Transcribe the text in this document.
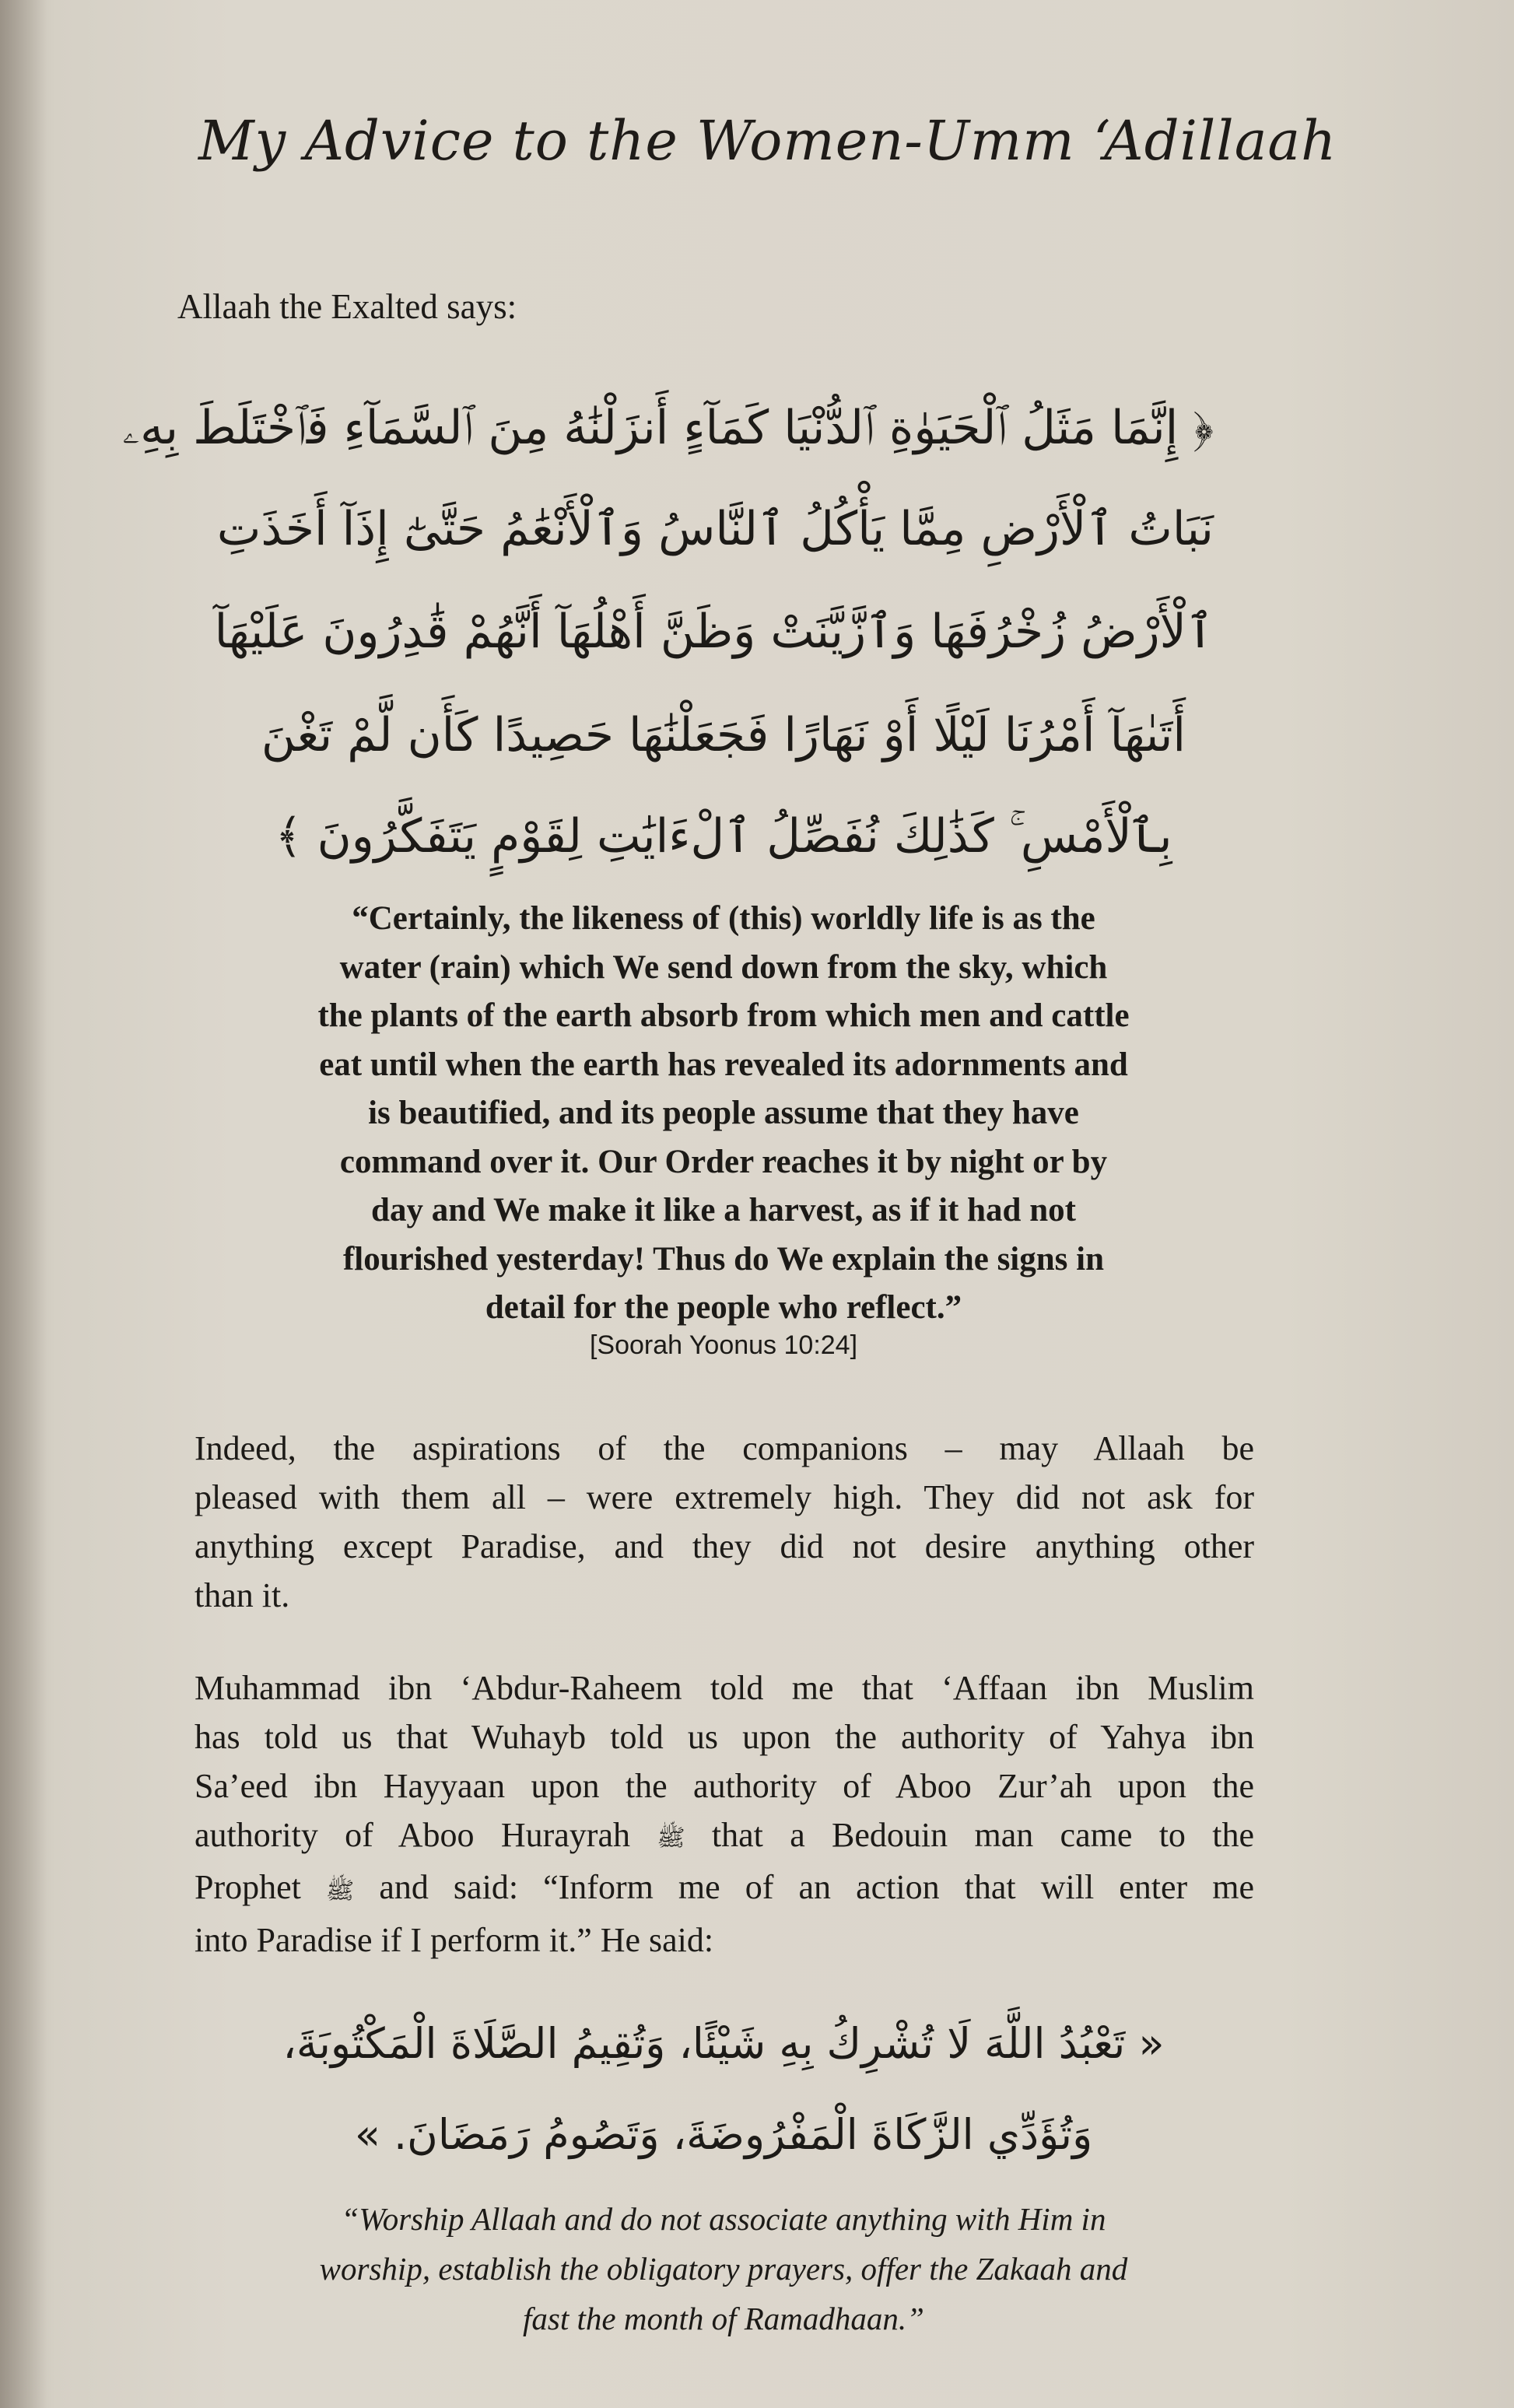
My Advice to the Women-Umm ‘Adillaah
Allaah the Exalted says:
﴿ إِنَّمَا مَثَلُ ٱلْحَيَوٰةِ ٱلدُّنْيَا كَمَآءٍ أَنزَلْنَٰهُ مِنَ ٱلسَّمَآءِ فَٱخْتَلَطَ بِهِۦ
نَبَاتُ ٱلْأَرْضِ مِمَّا يَأْكُلُ ٱلنَّاسُ وَٱلْأَنْعَٰمُ حَتَّىٰٓ إِذَآ أَخَذَتِ
ٱلْأَرْضُ زُخْرُفَهَا وَٱزَّيَّنَتْ وَظَنَّ أَهْلُهَآ أَنَّهُمْ قَٰدِرُونَ عَلَيْهَآ
أَتَىٰهَآ أَمْرُنَا لَيْلًا أَوْ نَهَارًا فَجَعَلْنَٰهَا حَصِيدًا كَأَن لَّمْ تَغْنَ
بِٱلْأَمْسِ ۚ كَذَٰلِكَ نُفَصِّلُ ٱلْءَايَٰتِ لِقَوْمٍ يَتَفَكَّرُونَ ﴾
“Certainly, the likeness of (this) worldly life is as the
water (rain) which We send down from the sky, which
the plants of the earth absorb from which men and cattle
eat until when the earth has revealed its adornments and
is beautified, and its people assume that they have
command over it. Our Order reaches it by night or by
day and We make it like a harvest, as if it had not
flourished yesterday! Thus do We explain the signs in
detail for the people who reflect.”
[Soorah Yoonus 10:24]
Indeed, the aspirations of the companions – may Allaah be
pleased with them all – were extremely high. They did not ask for
anything except Paradise, and they did not desire anything other
than it.
Muhammad ibn ‘Abdur-Raheem told me that ‘Affaan ibn Muslim
has told us that Wuhayb told us upon the authority of Yahya ibn
Sa’eed ibn Hayyaan upon the authority of Aboo Zur’ah upon the
authority of Aboo Hurayrah ﷺ that a Bedouin man came to the
Prophet ﷺ and said: “Inform me of an action that will enter me
into Paradise if I perform it.” He said:
« تَعْبُدُ اللَّهَ لَا تُشْرِكُ بِهِ شَيْئًا، وَتُقِيمُ الصَّلَاةَ الْمَكْتُوبَةَ،
وَتُؤَدِّي الزَّكَاةَ الْمَفْرُوضَةَ، وَتَصُومُ رَمَضَانَ. »
“Worship Allaah and do not associate anything with Him in
worship, establish the obligatory prayers, offer the Zakaah and
fast the month of Ramadhaan.”
